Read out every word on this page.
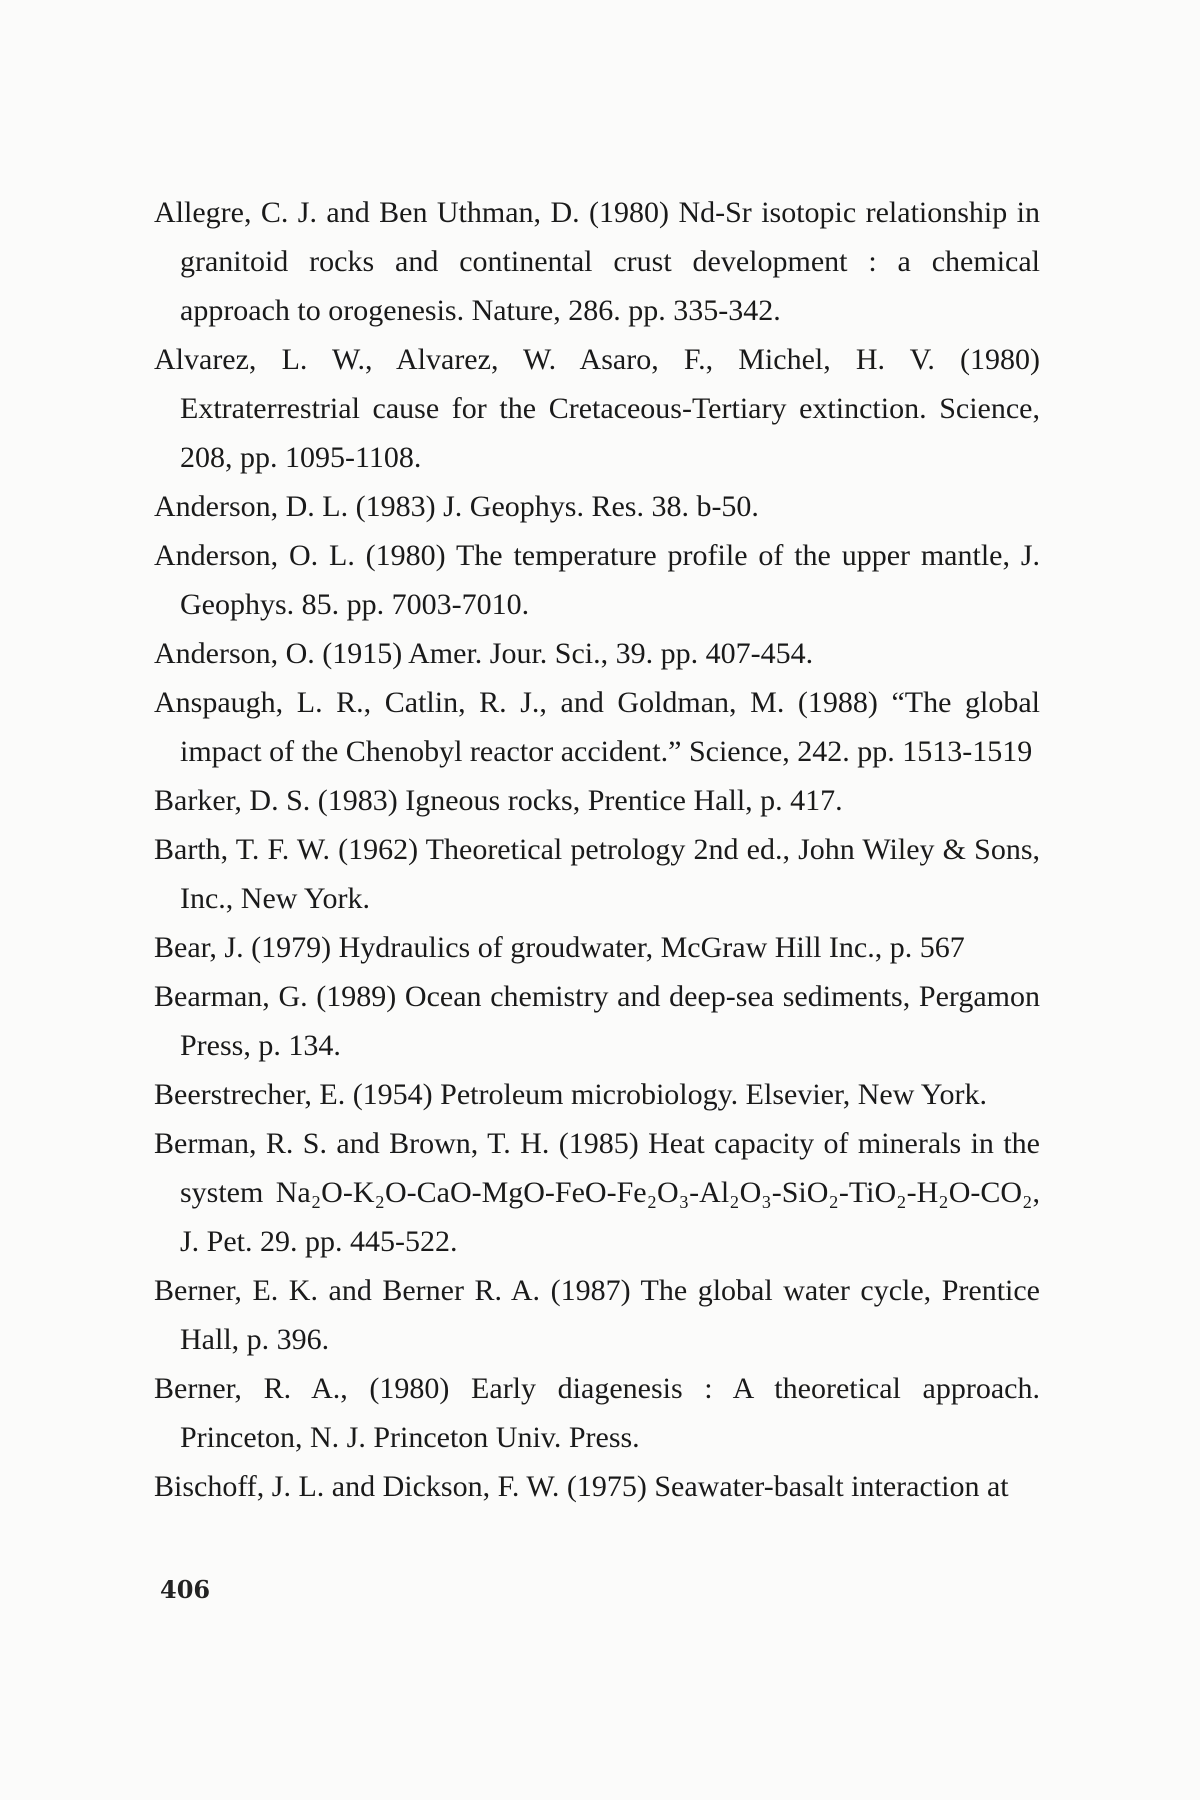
Allegre, C. J. and Ben Uthman, D. (1980) Nd-Sr isotopic relationship in granitoid rocks and continental crust development : a chemical approach to orogenesis. Nature, 286. pp. 335-342.
Alvarez, L. W., Alvarez, W. Asaro, F., Michel, H. V. (1980) Extraterrestrial cause for the Cretaceous-Tertiary extinction. Science, 208, pp. 1095-1108.
Anderson, D. L. (1983) J. Geophys. Res. 38. b-50.
Anderson, O. L. (1980) The temperature profile of the upper mantle, J. Geophys. 85. pp. 7003-7010.
Anderson, O. (1915) Amer. Jour. Sci., 39. pp. 407-454.
Anspaugh, L. R., Catlin, R. J., and Goldman, M. (1988) “The global impact of the Chenobyl reactor accident.” Science, 242. pp. 1513-1519
Barker, D. S. (1983) Igneous rocks, Prentice Hall, p. 417.
Barth, T. F. W. (1962) Theoretical petrology 2nd ed., John Wiley & Sons, Inc., New York.
Bear, J. (1979) Hydraulics of groudwater, McGraw Hill Inc., p. 567
Bearman, G. (1989) Ocean chemistry and deep-sea sediments, Pergamon Press, p. 134.
Beerstrecher, E. (1954) Petroleum microbiology. Elsevier, New York.
Berman, R. S. and Brown, T. H. (1985) Heat capacity of minerals in the system Na₂O-K₂O-CaO-MgO-FeO-Fe₂O₃-Al₂O₃-SiO₂-TiO₂-H₂O-CO₂, J. Pet. 29. pp. 445-522.
Berner, E. K. and Berner R. A. (1987) The global water cycle, Prentice Hall, p. 396.
Berner, R. A., (1980) Early diagenesis : A theoretical approach. Princeton, N. J. Princeton Univ. Press.
Bischoff, J. L. and Dickson, F. W. (1975) Seawater-basalt interaction at
406
